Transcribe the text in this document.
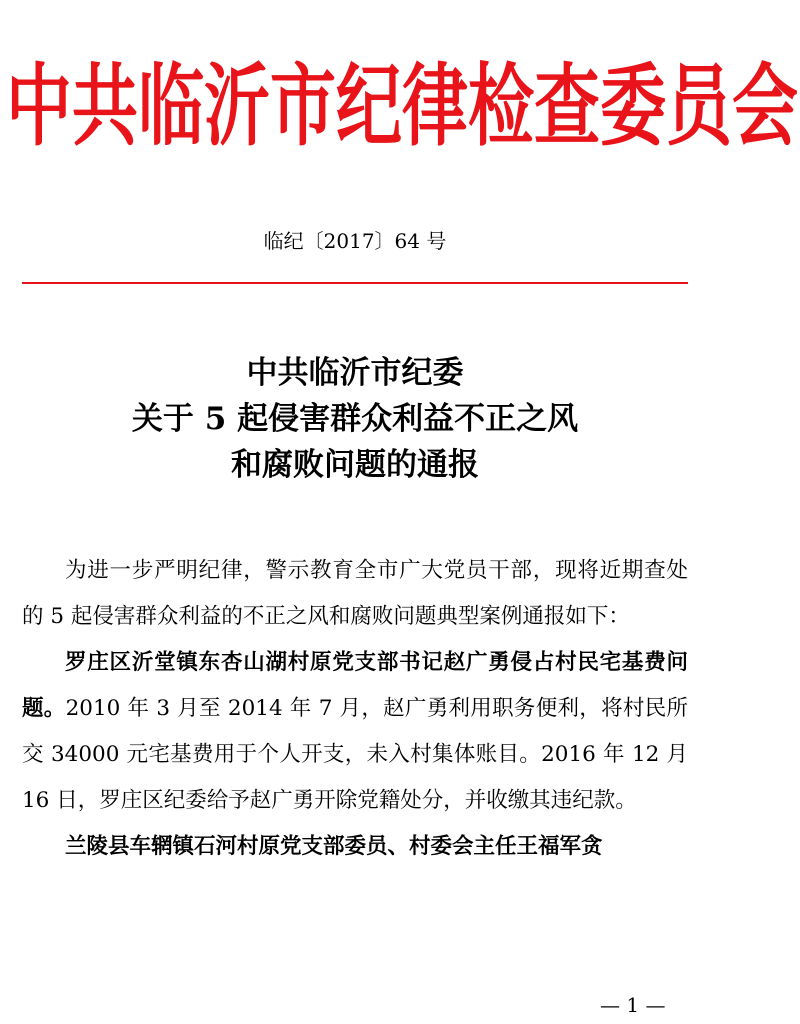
中共临沂市纪律检查委员会
临纪〔2017〕64 号
中共临沂市纪委
关于 5 起侵害群众利益不正之风
和腐败问题的通报

为进一步严明纪律，警示教育全市广大党员干部，现将近期查处的 5 起侵害群众利益的不正之风和腐败问题典型案例通报如下：

罗庄区沂堂镇东杏山湖村原党支部书记赵广勇侵占村民宅基费问题。2010 年 3 月至 2014 年 7 月，赵广勇利用职务便利，将村民所交 34000 元宅基费用于个人开支，未入村集体账目。2016 年 12 月 16 日，罗庄区纪委给予赵广勇开除党籍处分，并收缴其违纪款。

兰陵县车辋镇石河村原党支部委员、村委会主任王福军贪

— 1 —
